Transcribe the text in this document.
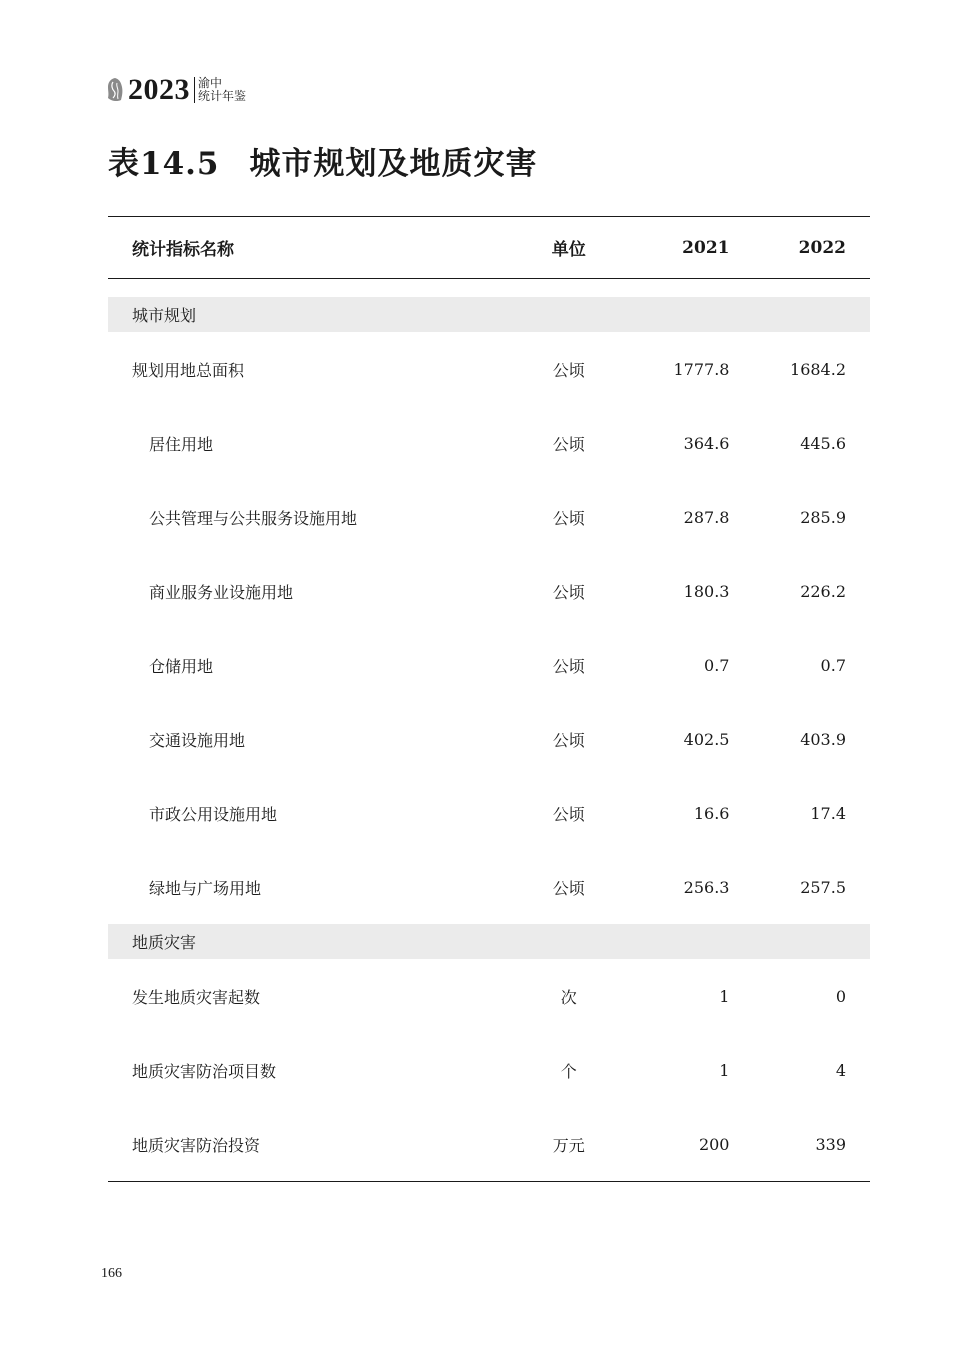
2023 渝中
统计年鉴
表14.5 城市规划及地质灾害
统计指标名称	单位	2021	2022

城市规划			
规划用地总面积	公顷	1777.8	1684.2
居住用地	公顷	364.6	445.6
公共管理与公共服务设施用地	公顷	287.8	285.9
商业服务业设施用地	公顷	180.3	226.2
仓储用地	公顷	0.7	0.7
交通设施用地	公顷	402.5	403.9
市政公用设施用地	公顷	16.6	17.4
绿地与广场用地	公顷	256.3	257.5
地质灾害			
发生地质灾害起数	次	1	0
地质灾害防治项目数	个	1	4
地质灾害防治投资	万元	200	339
166
